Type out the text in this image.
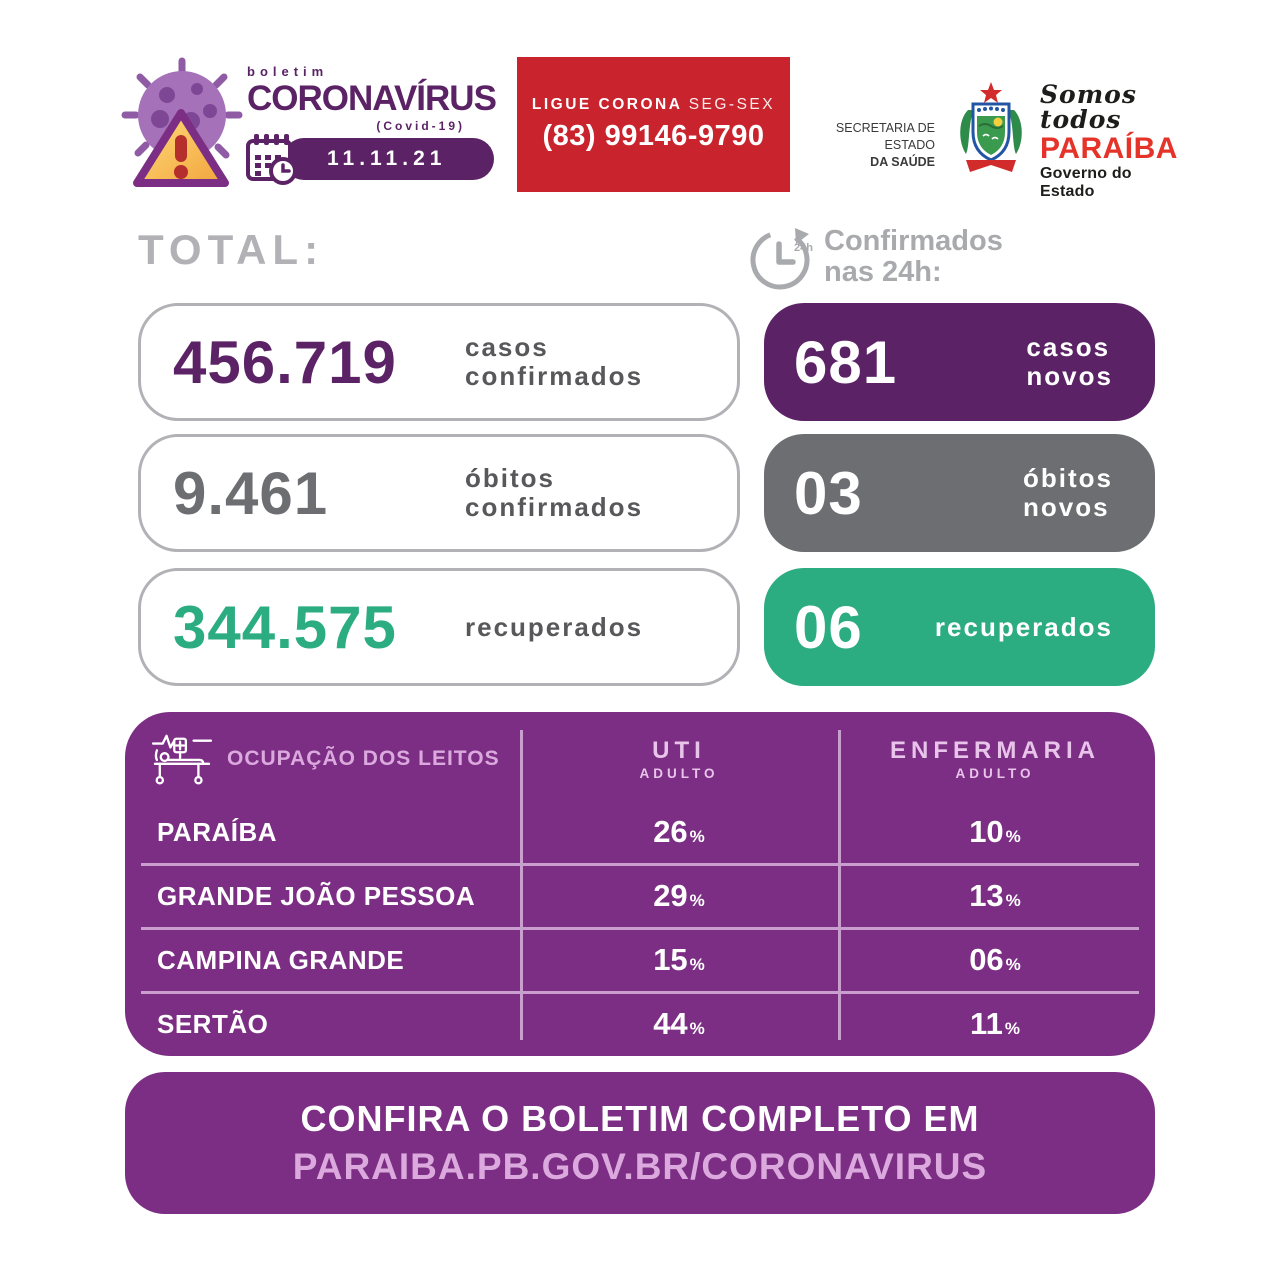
boletim
CORONAVÍRUS
(Covid-19)
11.11.21
LIGUE CORONA SEG-SEX
(83) 99146-9790	SECRETARIA DE ESTADO
DA SAÚDE
Somos todos
PARAÍBA
Governo do Estado
TOTAL:	24h Confirmados
nas 24h:
456.719	casos
confirmados	681	casos
novos
9.461	óbitos
confirmados	03	óbitos
novos
344.575	recuperados	06	recuperados
OCUPAÇÃO DOS LEITOS	UTI
ADULTO
ENFERMARIA
ADULTO
PARAÍBA	26 %	10 %
GRANDE JOÃO PESSOA	29 %	13 %
CAMPINA GRANDE	15 %	06 %
SERTÃO	44 %	11 %
CONFIRA O BOLETIM COMPLETO EM
PARAIBA.PB.GOV.BR/CORONAVIRUS
